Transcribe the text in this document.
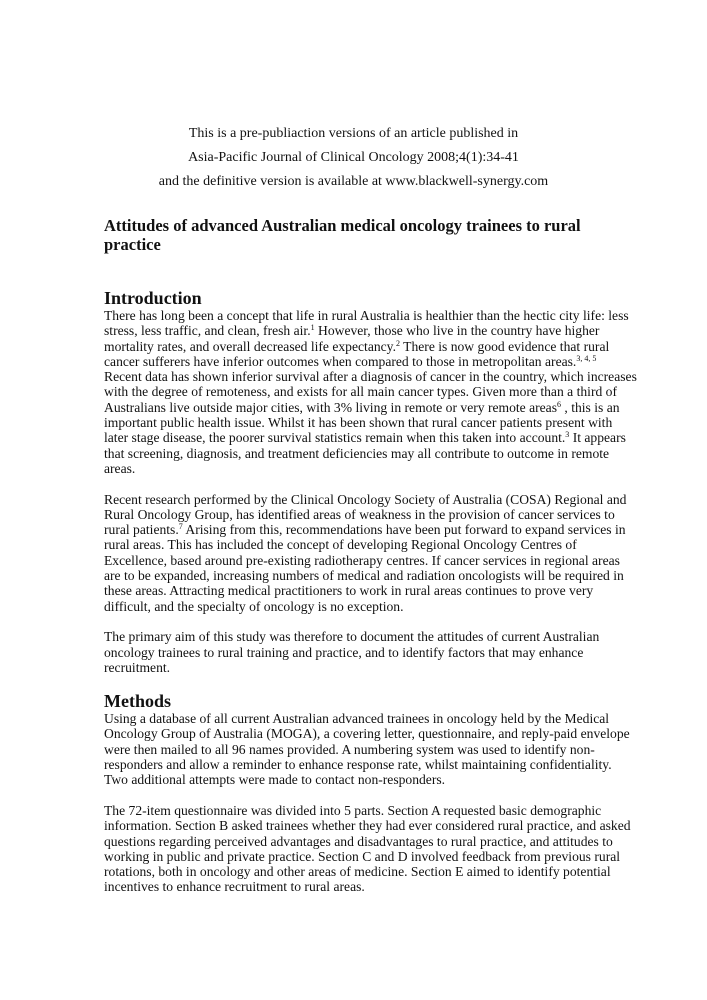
This is a pre-publiaction versions of an article published in
Asia-Pacific Journal of Clinical Oncology 2008;4(1):34-41
and the definitive version is available at www.blackwell-synergy.com
Attitudes of advanced Australian medical oncology trainees to rural
practice
Introduction
There has long been a concept that life in rural Australia is healthier than the hectic city life: less
stress, less traffic, and clean, fresh air.$^1$ However, those who live in the country have higher
mortality rates, and overall decreased life expectancy.$^2$ There is now good evidence that rural
cancer sufferers have inferior outcomes when compared to those in metropolitan areas.$^{3, 4, 5}$
Recent data has shown inferior survival after a diagnosis of cancer in the country, which increases
with the degree of remoteness, and exists for all main cancer types. Given more than a third of
Australians live outside major cities, with 3% living in remote or very remote areas$^6$ , this is an
important public health issue. Whilst it has been shown that rural cancer patients present with
later stage disease, the poorer survival statistics remain when this taken into account.$^3$ It appears
that screening, diagnosis, and treatment deficiencies may all contribute to outcome in remote
areas.
Recent research performed by the Clinical Oncology Society of Australia (COSA) Regional and
Rural Oncology Group, has identified areas of weakness in the provision of cancer services to
rural patients.$^7$ Arising from this, recommendations have been put forward to expand services in
rural areas. This has included the concept of developing Regional Oncology Centres of
Excellence, based around pre-existing radiotherapy centres. If cancer services in regional areas
are to be expanded, increasing numbers of medical and radiation oncologists will be required in
these areas. Attracting medical practitioners to work in rural areas continues to prove very
difficult, and the specialty of oncology is no exception.
The primary aim of this study was therefore to document the attitudes of current Australian
oncology trainees to rural training and practice, and to identify factors that may enhance
recruitment.
Methods
Using a database of all current Australian advanced trainees in oncology held by the Medical
Oncology Group of Australia (MOGA), a covering letter, questionnaire, and reply-paid envelope
were then mailed to all 96 names provided. A numbering system was used to identify non-
responders and allow a reminder to enhance response rate, whilst maintaining confidentiality.
Two additional attempts were made to contact non-responders.
The 72-item questionnaire was divided into 5 parts. Section A requested basic demographic
information. Section B asked trainees whether they had ever considered rural practice, and asked
questions regarding perceived advantages and disadvantages to rural practice, and attitudes to
working in public and private practice. Section C and D involved feedback from previous rural
rotations, both in oncology and other areas of medicine. Section E aimed to identify potential
incentives to enhance recruitment to rural areas.
